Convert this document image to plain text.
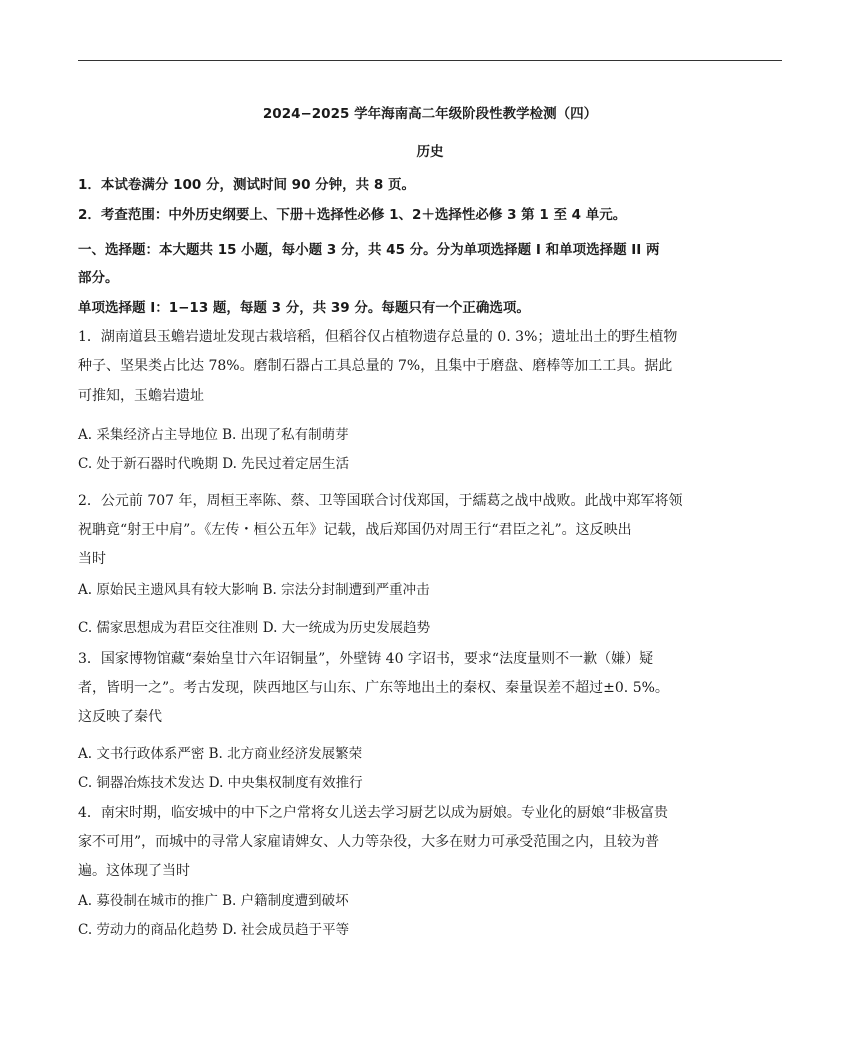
2024−2025 学年海南高二年级阶段性教学检测（四）
历史
1．本试卷满分 100 分，测试时间 90 分钟，共 8 页。
2．考查范围：中外历史纲要上、下册＋选择性必修 1、2＋选择性必修 3 第 1 至 4 单元。
一、选择题：本大题共 15 小题，每小题 3 分，共 45 分。分为单项选择题 I 和单项选择题 II 两
部分。
单项选择题 I：1−13 题，每题 3 分，共 39 分。每题只有一个正确选项。
1．湖南道县玉蟾岩遗址发现古栽培稻，但稻谷仅占植物遗存总量的 0. 3%；遗址出土的野生植物
种子、坚果类占比达 78%。磨制石器占工具总量的 7%，且集中于磨盘、磨棒等加工工具。据此
可推知，玉蟾岩遗址
A. 采集经济占主导地位 B. 出现了私有制萌芽
C. 处于新石器时代晚期 D. 先民过着定居生活
2．公元前 707 年，周桓王率陈、蔡、卫等国联合讨伐郑国，于繻葛之战中战败。此战中郑军将领
祝聃竟“射王中肩”。《左传・桓公五年》记载，战后郑国仍对周王行“君臣之礼”。这反映出
当时
A. 原始民主遗风具有较大影响 B. 宗法分封制遭到严重冲击
C. 儒家思想成为君臣交往准则 D. 大一统成为历史发展趋势
3．国家博物馆藏“秦始皇廿六年诏铜量”，外壁铸 40 字诏书，要求“法度量则不一歉（嫌）疑
者，皆明一之”。考古发现，陕西地区与山东、广东等地出土的秦权、秦量误差不超过±0. 5%。
这反映了秦代
A. 文书行政体系严密 B. 北方商业经济发展繁荣
C. 铜器冶炼技术发达 D. 中央集权制度有效推行
4．南宋时期，临安城中的中下之户常将女儿送去学习厨艺以成为厨娘。专业化的厨娘“非极富贵
家不可用”，而城中的寻常人家雇请婢女、人力等杂役，大多在财力可承受范围之内，且较为普
遍。这体现了当时
A. 募役制在城市的推广 B. 户籍制度遭到破坏
C. 劳动力的商品化趋势 D. 社会成员趋于平等
